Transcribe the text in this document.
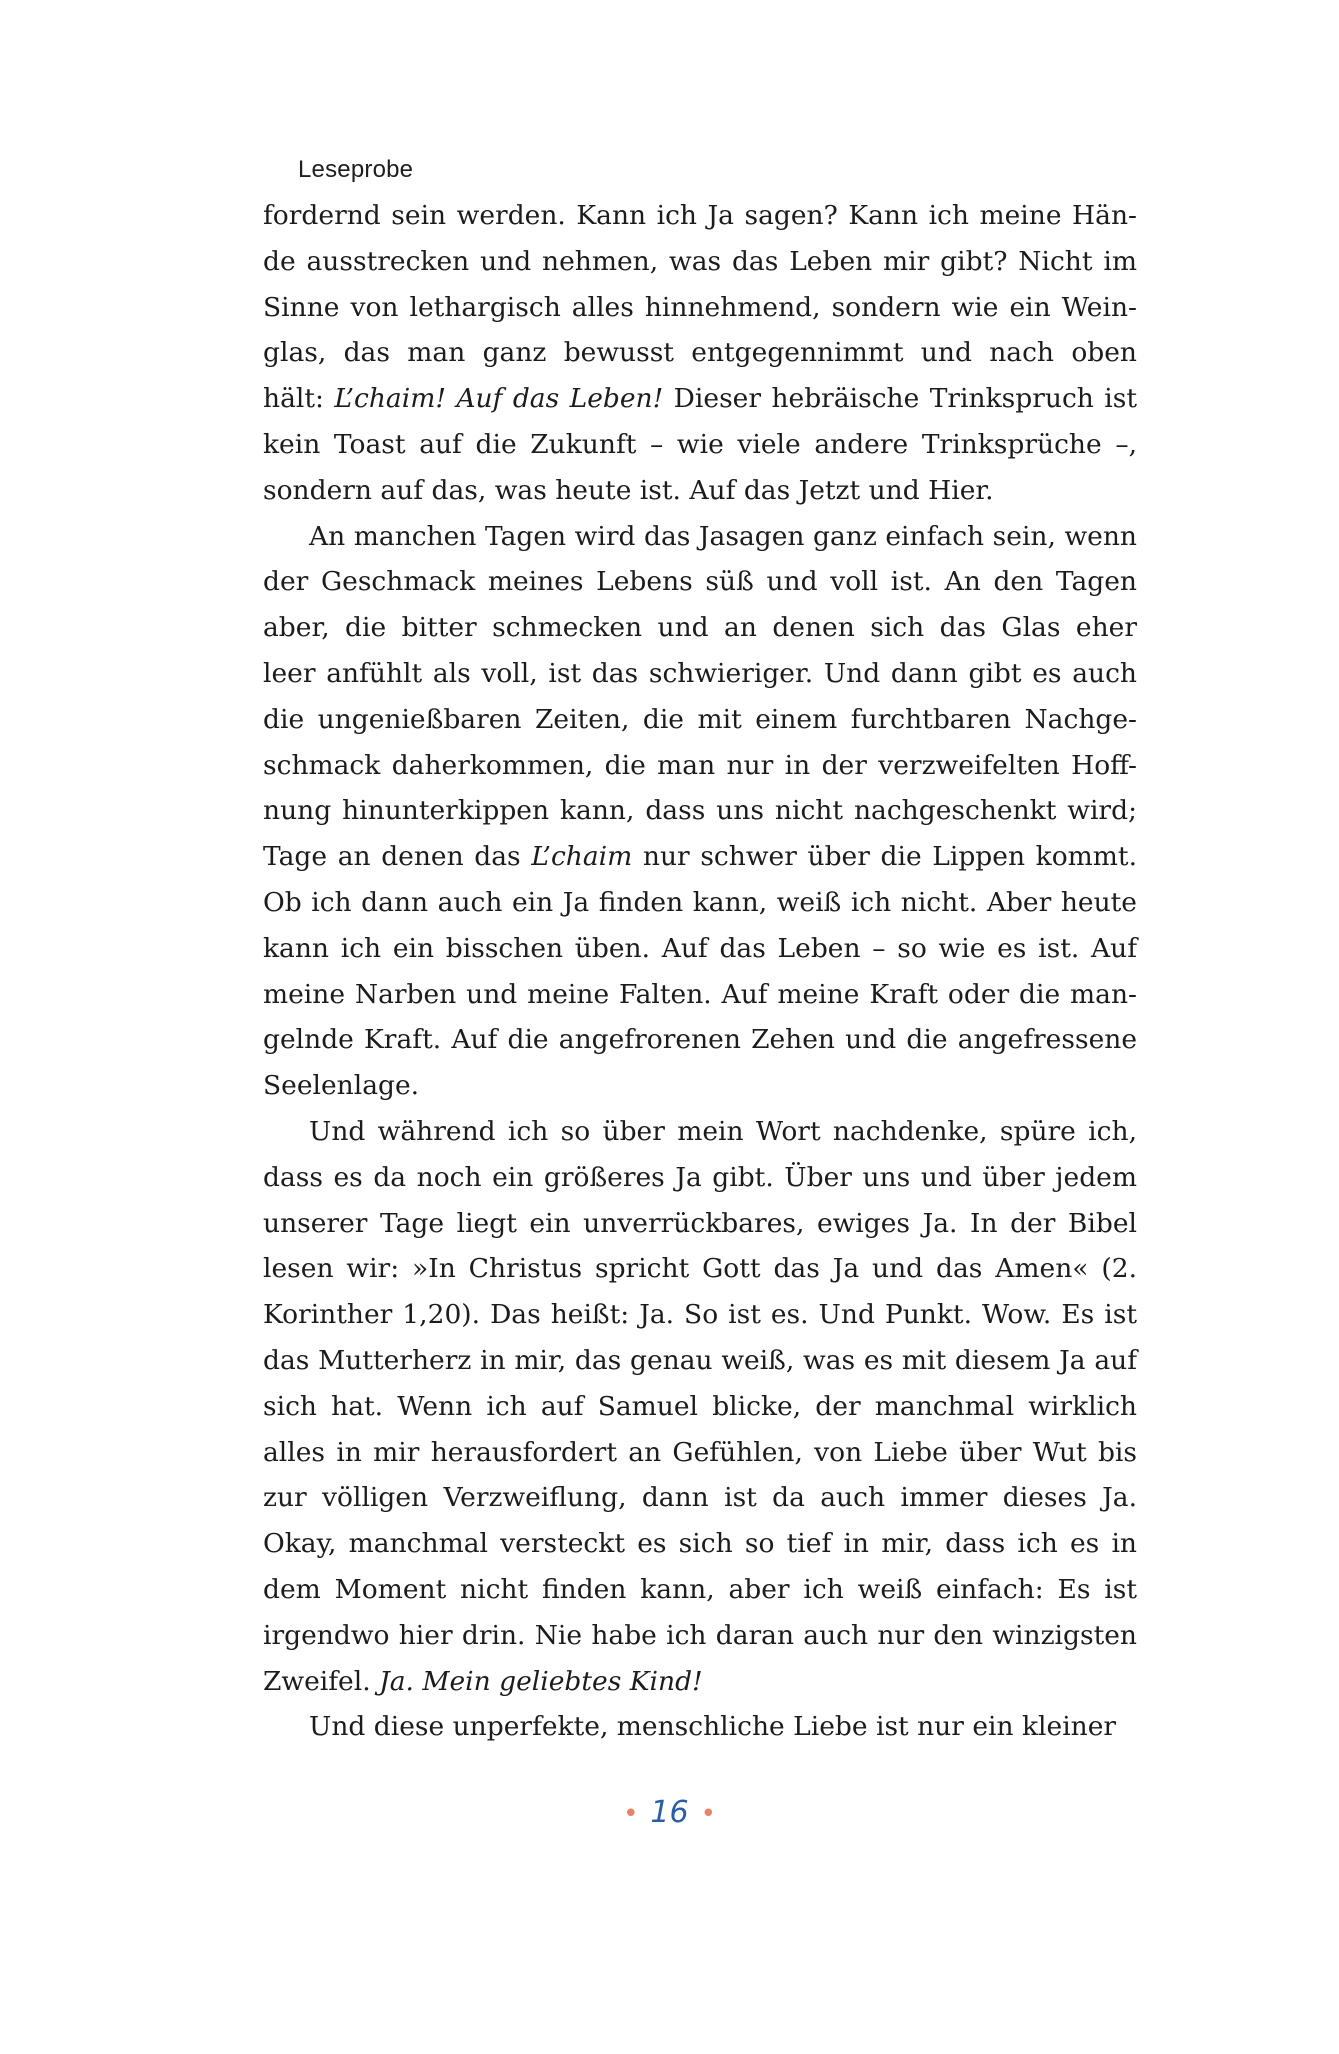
Leseprobe

fordernd sein werden. Kann ich Ja sagen? Kann ich meine Hän-
de ausstrecken und nehmen, was das Leben mir gibt? Nicht im
Sinne von lethargisch alles hinnehmend, sondern wie ein Wein-
glas, das man ganz bewusst entgegennimmt und nach oben
hält: L’chaim! Auf das Leben! Dieser hebräische Trinkspruch ist
kein Toast auf die Zukunft – wie viele andere Trinksprüche –,
sondern auf das, was heute ist. Auf das Jetzt und Hier.

An manchen Tagen wird das Jasagen ganz einfach sein, wenn
der Geschmack meines Lebens süß und voll ist. An den Tagen
aber, die bitter schmecken und an denen sich das Glas eher
leer anfühlt als voll, ist das schwieriger. Und dann gibt es auch
die ungenießbaren Zeiten, die mit einem furchtbaren Nachge-
schmack daherkommen, die man nur in der verzweifelten Hoff-
nung hinunterkippen kann, dass uns nicht nachgeschenkt wird;
Tage an denen das L’chaim nur schwer über die Lippen kommt.
Ob ich dann auch ein Ja finden kann, weiß ich nicht. Aber heute
kann ich ein bisschen üben. Auf das Leben – so wie es ist. Auf
meine Narben und meine Falten. Auf meine Kraft oder die man-
gelnde Kraft. Auf die angefrorenen Zehen und die angefressene
Seelenlage.

Und während ich so über mein Wort nachdenke, spüre ich,
dass es da noch ein größeres Ja gibt. Über uns und über jedem
unserer Tage liegt ein unverrückbares, ewiges Ja. In der Bibel
lesen wir: »In Christus spricht Gott das Ja und das Amen« (2.
Korinther 1,20). Das heißt: Ja. So ist es. Und Punkt. Wow. Es ist
das Mutterherz in mir, das genau weiß, was es mit diesem Ja auf
sich hat. Wenn ich auf Samuel blicke, der manchmal wirklich
alles in mir herausfordert an Gefühlen, von Liebe über Wut bis
zur völligen Verzweiflung, dann ist da auch immer dieses Ja.
Okay, manchmal versteckt es sich so tief in mir, dass ich es in
dem Moment nicht finden kann, aber ich weiß einfach: Es ist
irgendwo hier drin. Nie habe ich daran auch nur den winzigsten
Zweifel. Ja. Mein geliebtes Kind!

Und diese unperfekte, menschliche Liebe ist nur ein kleiner

• 16 •
